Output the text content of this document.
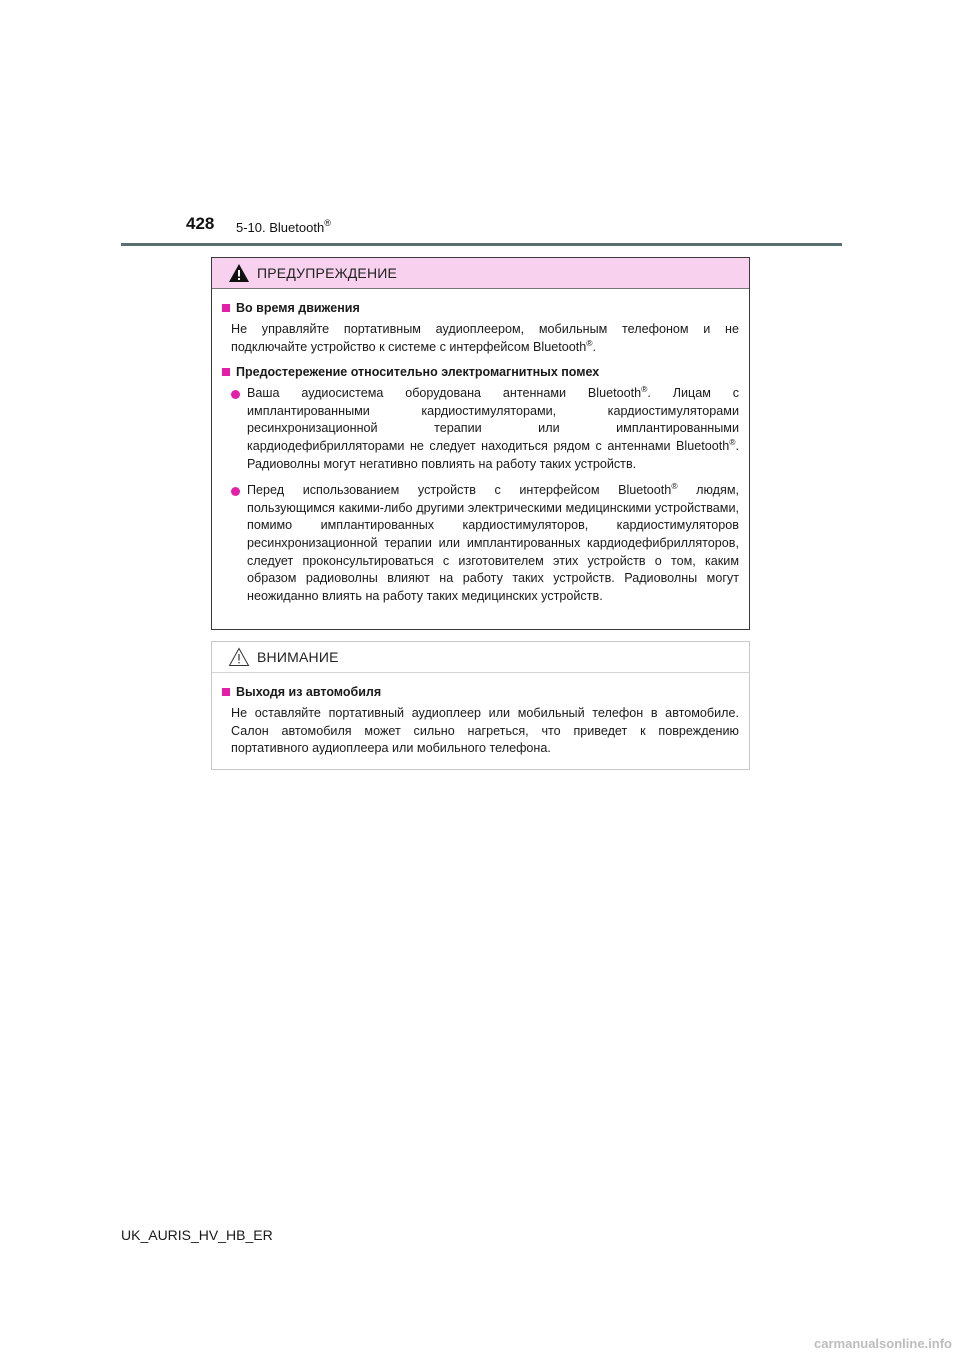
428 5-10. Bluetooth®
ПРЕДУПРЕЖДЕНИЕ
Во время движения

Не управляйте портативным аудиоплеером, мобильным телефоном и не подключайте устройство к системе с интерфейсом Bluetooth®.

Предостережение относительно электромагнитных помех

Ваша аудиосистема оборудована антеннами Bluetooth®. Лицам с имплантированными кардиостимуляторами, кардиостимуляторами ресинхронизационной терапии или имплантированными кардиодефибрилляторами не следует находиться рядом с антеннами Bluetooth®. Радиоволны могут негативно повлиять на работу таких устройств.

Перед использованием устройств с интерфейсом Bluetooth® людям, пользующимся какими-либо другими электрическими медицинскими устройствами, помимо имплантированных кардиостимуляторов, кардиостимуляторов ресинхронизационной терапии или имплантированных кардиодефибрилляторов, следует проконсультироваться с изготовителем этих устройств о том, каким образом радиоволны влияют на работу таких устройств. Радиоволны могут неожиданно влиять на работу таких медицинских устройств.

ВНИМАНИЕ
Выходя из автомобиля

Не оставляйте портативный аудиоплеер или мобильный телефон в автомобиле. Салон автомобиля может сильно нагреться, что приведет к повреждению портативного аудиоплеера или мобильного телефона.

UK_AURIS_HV_HB_ER
carmanualsonline.info
